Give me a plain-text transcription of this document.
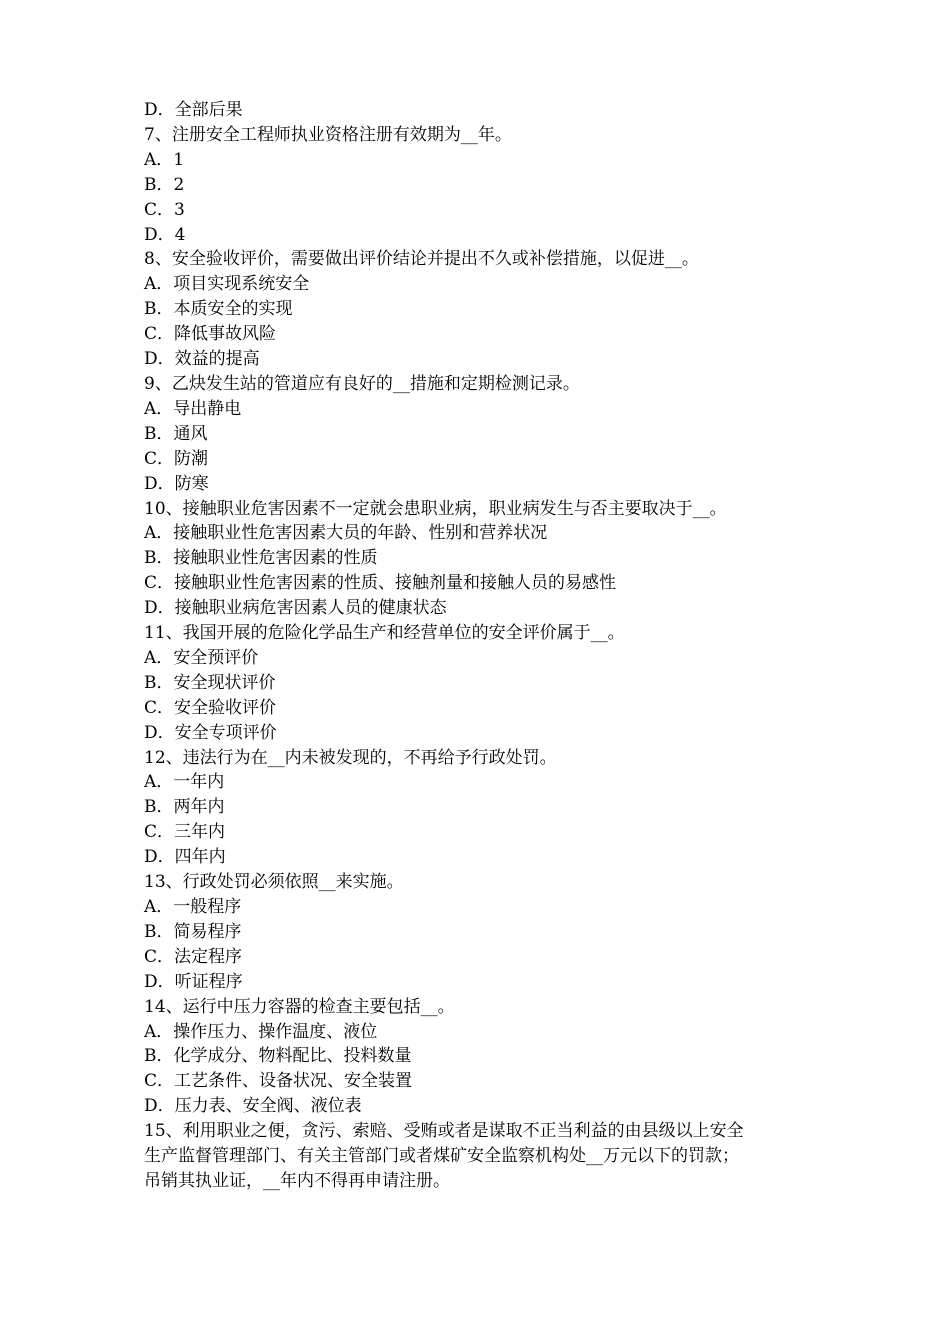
D．全部后果
7、注册安全工程师执业资格注册有效期为__年。
A．1
B．2
C．3
D．4
8、安全验收评价，需要做出评价结论并提出不久或补偿措施，以促进__。
A．项目实现系统安全
B．本质安全的实现
C．降低事故风险
D．效益的提高
9、乙炔发生站的管道应有良好的__措施和定期检测记录。
A．导出静电
B．通风
C．防潮
D．防寒
10、接触职业危害因素不一定就会患职业病，职业病发生与否主要取决于__。
A．接触职业性危害因素大员的年龄、性别和营养状况
B．接触职业性危害因素的性质
C．接触职业性危害因素的性质、接触剂量和接触人员的易感性
D．接触职业病危害因素人员的健康状态
11、我国开展的危险化学品生产和经营单位的安全评价属于__。
A．安全预评价
B．安全现状评价
C．安全验收评价
D．安全专项评价
12、违法行为在__内未被发现的，不再给予行政处罚。
A．一年内
B．两年内
C．三年内
D．四年内
13、行政处罚必须依照__来实施。
A．一般程序
B．简易程序
C．法定程序
D．听证程序
14、运行中压力容器的检查主要包括__。
A．操作压力、操作温度、液位
B．化学成分、物料配比、投料数量
C．工艺条件、设备状况、安全装置
D．压力表、安全阀、液位表
15、利用职业之便，贪污、索赔、受贿或者是谋取不正当利益的由县级以上安全
生产监督管理部门、有关主管部门或者煤矿安全监察机构处__万元以下的罚款；
吊销其执业证，__年内不得再申请注册。
